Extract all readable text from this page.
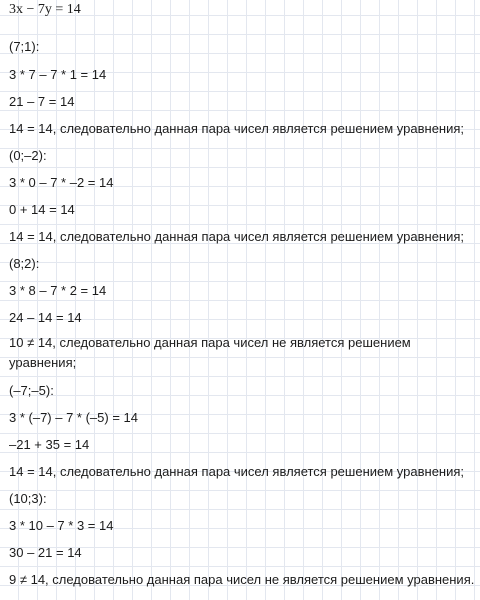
3x − 7y = 14
(7;1):
3 * 7 – 7 * 1 = 14
21 – 7 = 14
14 = 14, следовательно данная пара чисел является решением уравнения;
(0;–2):
3 * 0 – 7 * –2 = 14
0 + 14 = 14
14 = 14, следовательно данная пара чисел является решением уравнения;
(8;2):
3 * 8 – 7 * 2 = 14
24 – 14 = 14
10 ≠ 14, следовательно данная пара чисел не является решением уравнения;
(–7;–5):
3 * (–7) – 7 * (–5) = 14
–21 + 35 = 14
14 = 14, следовательно данная пара чисел является решением уравнения;
(10;3):
3 * 10 – 7 * 3 = 14
30 – 21 = 14
9 ≠ 14, следовательно данная пара чисел не является решением уравнения.
